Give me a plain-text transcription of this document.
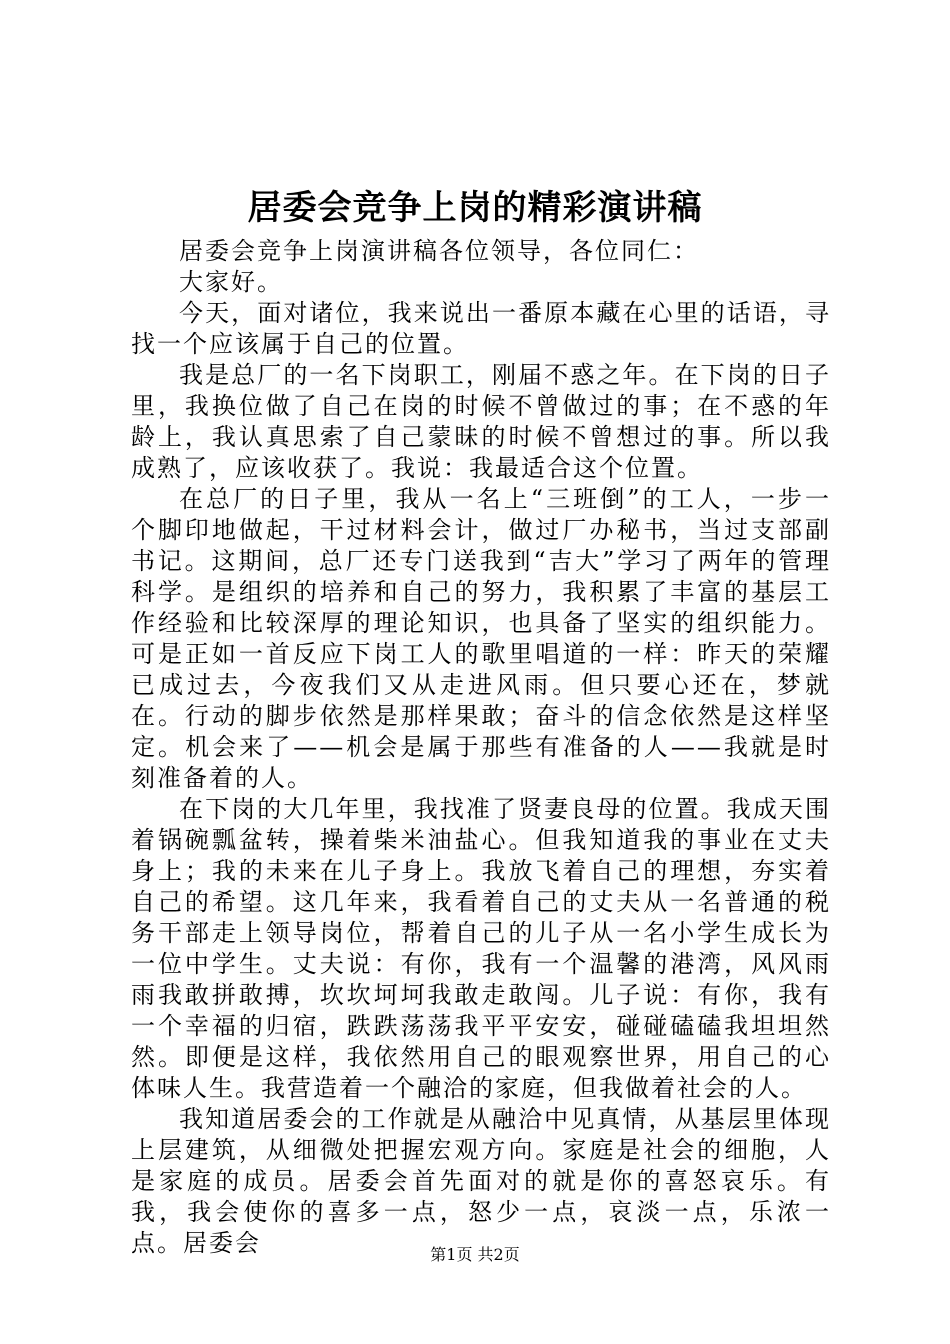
居委会竞争上岗的精彩演讲稿

居委会竞争上岗演讲稿各位领导，各位同仁：

大家好。

今天，面对诸位，我来说出一番原本藏在心里的话语，寻找一个应该属于自己的位置。

我是总厂的一名下岗职工，刚届不惑之年。在下岗的日子里，我换位做了自己在岗的时候不曾做过的事；在不惑的年龄上，我认真思索了自己蒙昧的时候不曾想过的事。所以我成熟了，应该收获了。我说：我最适合这个位置。

在总厂的日子里，我从一名上“三班倒”的工人，一步一个脚印地做起，干过材料会计，做过厂办秘书，当过支部副书记。这期间，总厂还专门送我到“吉大”学习了两年的管理科学。是组织的培养和自己的努力，我积累了丰富的基层工作经验和比较深厚的理论知识，也具备了坚实的组织能力。可是正如一首反应下岗工人的歌里唱道的一样：昨天的荣耀已成过去，今夜我们又从走进风雨。但只要心还在，梦就在。行动的脚步依然是那样果敢；奋斗的信念依然是这样坚定。机会来了——机会是属于那些有准备的人——我就是时刻准备着的人。

在下岗的大几年里，我找准了贤妻良母的位置。我成天围着锅碗瓢盆转，操着柴米油盐心。但我知道我的事业在丈夫身上；我的未来在儿子身上。我放飞着自己的理想，夯实着自己的希望。这几年来，我看着自己的丈夫从一名普通的税务干部走上领导岗位，帮着自己的儿子从一名小学生成长为一位中学生。丈夫说：有你，我有一个温馨的港湾，风风雨雨我敢拼敢搏，坎坎坷坷我敢走敢闯。儿子说：有你，我有一个幸福的归宿，跌跌荡荡我平平安安，碰碰磕磕我坦坦然然。即便是这样，我依然用自己的眼观察世界，用自己的心体味人生。我营造着一个融洽的家庭，但我做着社会的人。

我知道居委会的工作就是从融洽中见真情，从基层里体现上层建筑，从细微处把握宏观方向。家庭是社会的细胞，人是家庭的成员。居委会首先面对的就是你的喜怒哀乐。有我，我会使你的喜多一点，怒少一点，哀淡一点，乐浓一点。居委会	第1页 共2页
